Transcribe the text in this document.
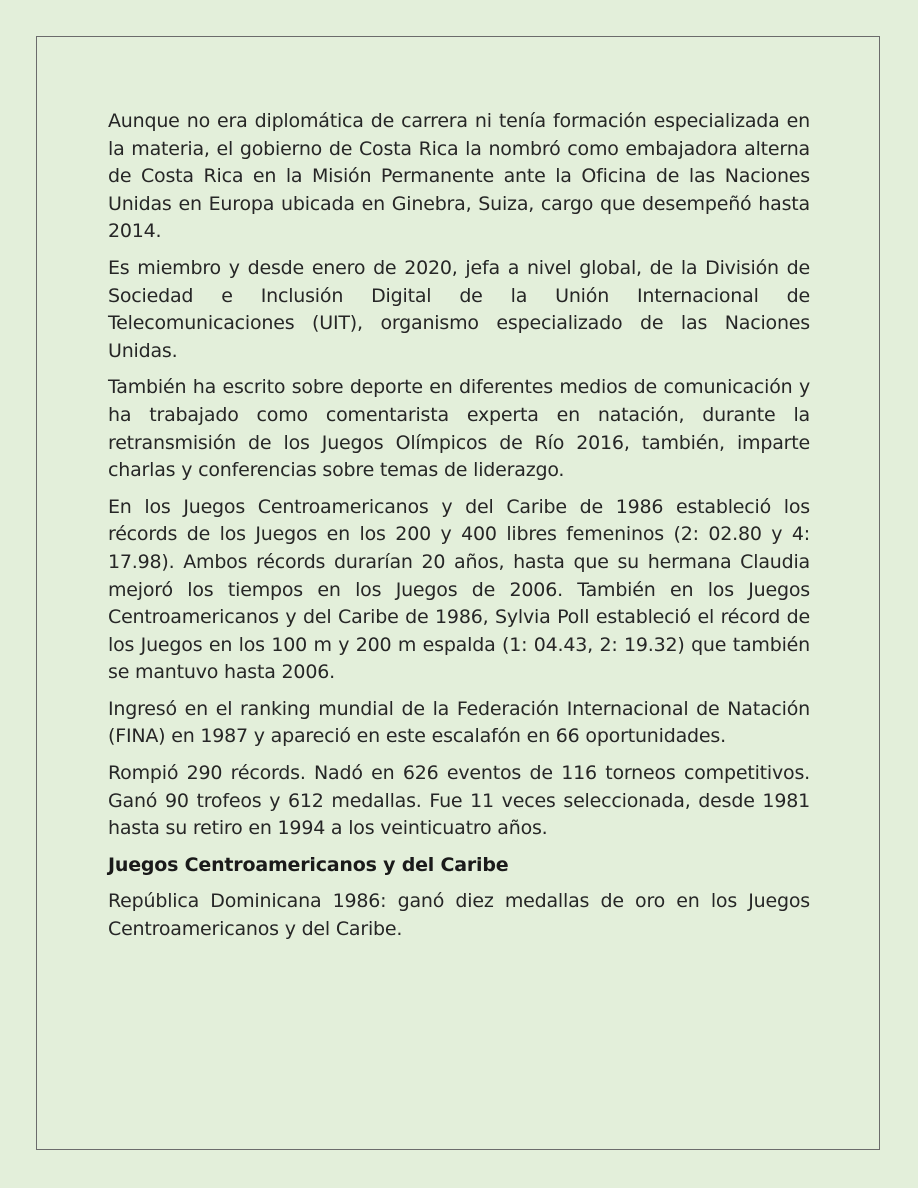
Aunque no era diplomática de carrera ni tenía formación especializada en la materia, el gobierno de Costa Rica la nombró como embajadora alterna de Costa Rica en la Misión Permanente ante la Oficina de las Naciones Unidas en Europa ubicada en Ginebra, Suiza, cargo que desempeñó hasta 2014.

Es miembro y desde enero de 2020, jefa a nivel global, de la División de Sociedad e Inclusión Digital de la Unión Internacional de Telecomunicaciones (UIT), organismo especializado de las Naciones Unidas.

También ha escrito sobre deporte en diferentes medios de comunicación y ha trabajado como comentarista experta en natación, durante la retransmisión de los Juegos Olímpicos de Río 2016, también, imparte charlas y conferencias sobre temas de liderazgo.

En los Juegos Centroamericanos y del Caribe de 1986 estableció los récords de los Juegos en los 200 y 400 libres femeninos (2: 02.80 y 4: 17.98). Ambos récords durarían 20 años, hasta que su hermana Claudia mejoró los tiempos en los Juegos de 2006. También en los Juegos Centroamericanos y del Caribe de 1986, Sylvia Poll estableció el récord de los Juegos en los 100 m y 200 m espalda (1: 04.43, 2: 19.32) que también se mantuvo hasta 2006.

Ingresó en el ranking mundial de la Federación Internacional de Natación (FINA) en 1987 y apareció en este escalafón en 66 oportunidades.

Rompió 290 récords. Nadó en 626 eventos de 116 torneos competitivos. Ganó 90 trofeos y 612 medallas. Fue 11 veces seleccionada, desde 1981 hasta su retiro en 1994 a los veinticuatro años.

Juegos Centroamericanos y del Caribe

República Dominicana 1986: ganó diez medallas de oro en los Juegos Centroamericanos y del Caribe.
